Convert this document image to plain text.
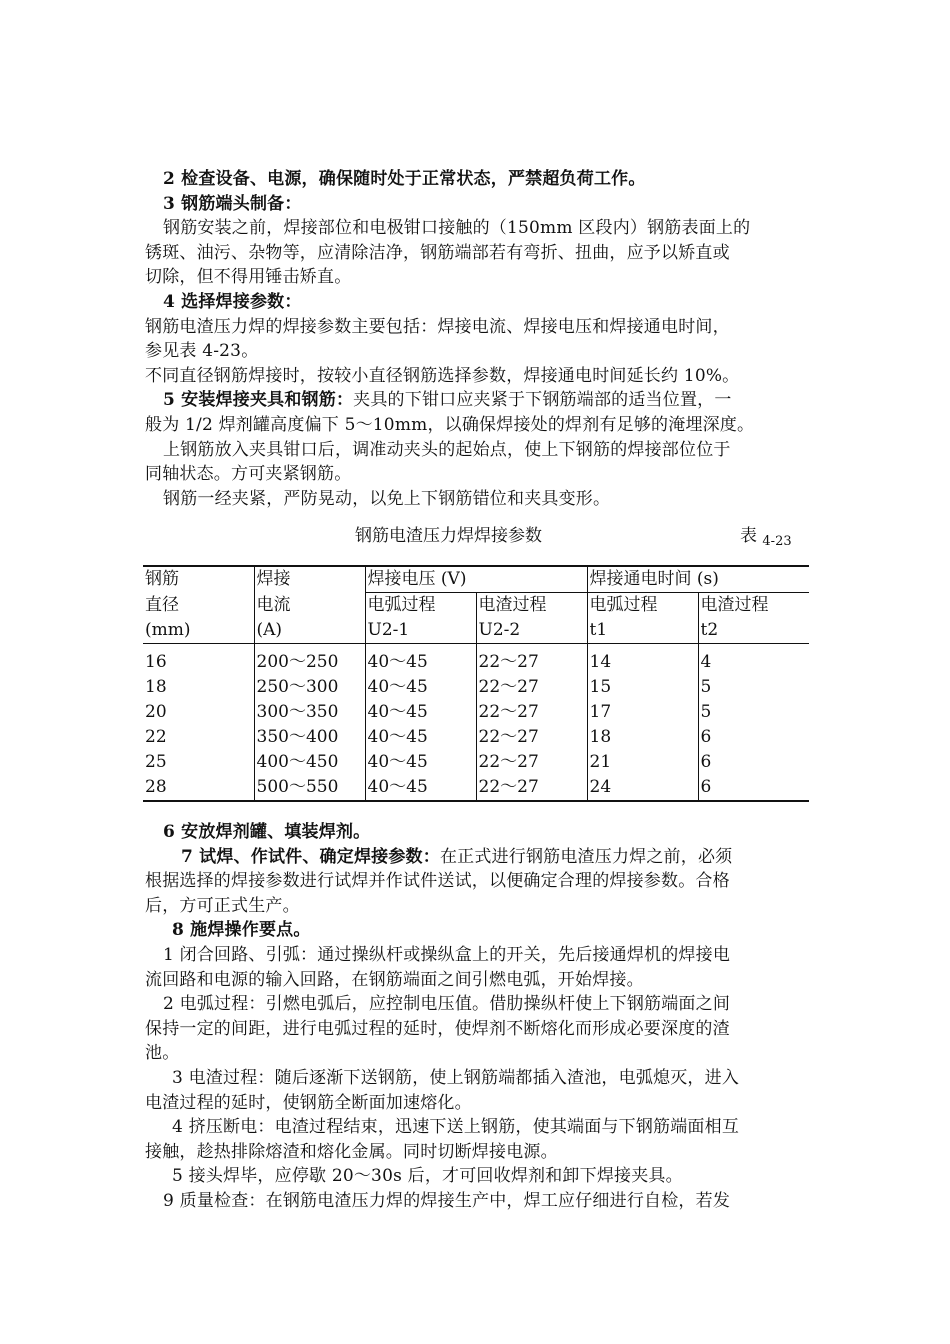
2 检查设备、电源，确保随时处于正常状态，严禁超负荷工作。
3 钢筋端头制备：
钢筋安装之前，焊接部位和电极钳口接触的（150mm 区段内）钢筋表面上的
锈斑、油污、杂物等，应清除洁净，钢筋端部若有弯折、扭曲，应予以矫直或
切除，但不得用锤击矫直。
4 选择焊接参数：
钢筋电渣压力焊的焊接参数主要包括：焊接电流、焊接电压和焊接通电时间，
参见表 4-23。
不同直径钢筋焊接时，按较小直径钢筋选择参数，焊接通电时间延长约 10%。
5 安装焊接夹具和钢筋：夹具的下钳口应夹紧于下钢筋端部的适当位置，一
般为 1/2 焊剂罐高度偏下 5～10mm，以确保焊接处的焊剂有足够的淹埋深度。
上钢筋放入夹具钳口后，调准动夹头的起始点，使上下钢筋的焊接部位位于
同轴状态。方可夹紧钢筋。
钢筋一经夹紧，严防晃动，以免上下钢筋错位和夹具变形。
钢筋电渣压力焊焊接参数	表 $_{4-23}$
钢筋	焊接	焊接电压 (V)		焊接通电时间 (s)	
直径	电流	电弧过程	电渣过程	电弧过程	电渣过程
(mm)	(A)	U2-1	U2-2	t1	t2
16	200～250	40～45	22～27	14	4
18	250～300	40～45	22～27	15	5
20	300～350	40～45	22～27	17	5
22	350～400	40～45	22～27	18	6
25	400～450	40～45	22～27	21	6
28	500～550	40～45	22～27	24	6
6 安放焊剂罐、填装焊剂。
7 试焊、作试件、确定焊接参数：在正式进行钢筋电渣压力焊之前，必须
根据选择的焊接参数进行试焊并作试件送试，以便确定合理的焊接参数。合格
后，方可正式生产。
8 施焊操作要点。
1 闭合回路、引弧：通过操纵杆或操纵盒上的开关，先后接通焊机的焊接电
流回路和电源的输入回路，在钢筋端面之间引燃电弧，开始焊接。
2 电弧过程：引燃电弧后，应控制电压值。借肋操纵杆使上下钢筋端面之间
保持一定的间距，进行电弧过程的延时，使焊剂不断熔化而形成必要深度的渣
池。
3 电渣过程：随后逐渐下送钢筋，使上钢筋端都插入渣池，电弧熄灭，进入
电渣过程的延时，使钢筋全断面加速熔化。
4 挤压断电：电渣过程结束，迅速下送上钢筋，使其端面与下钢筋端面相互
接触，趁热排除熔渣和熔化金属。同时切断焊接电源。
5 接头焊毕，应停歇 20～30s 后，才可回收焊剂和卸下焊接夹具。
9 质量检查：在钢筋电渣压力焊的焊接生产中，焊工应仔细进行自检，若发
